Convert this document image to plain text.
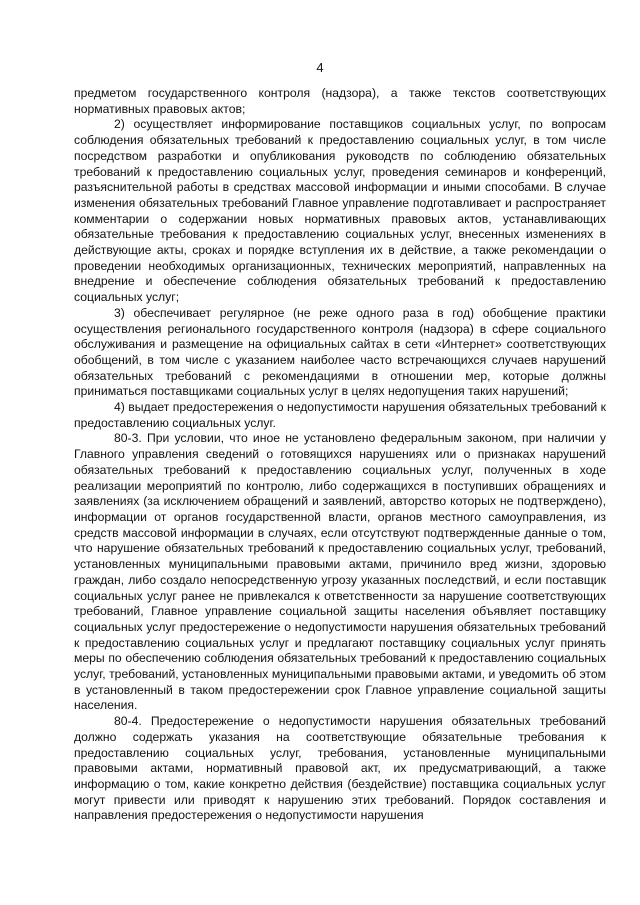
4

предметом государственного контроля (надзора), а также текстов соответствующих нормативных правовых актов;

2) осуществляет информирование поставщиков социальных услуг, по вопросам соблюдения обязательных требований к предоставлению социальных услуг, в том числе посредством разработки и опубликования руководств по соблюдению обязательных требований к предоставлению социальных услуг, проведения семинаров и конференций, разъяснительной работы в средствах массовой информации и иными способами. В случае изменения обязательных требований Главное управление подготавливает и распространяет комментарии о содержании новых нормативных правовых актов, устанавливающих обязательные требования к предоставлению социальных услуг, внесенных изменениях в действующие акты, сроках и порядке вступления их в действие, а также рекомендации о проведении необходимых организационных, технических мероприятий, направленных на внедрение и обеспечение соблюдения обязательных требований к предоставлению социальных услуг;

3) обеспечивает регулярное (не реже одного раза в год) обобщение практики осуществления регионального государственного контроля (надзора) в сфере социального обслуживания и размещение на официальных сайтах в сети «Интернет» соответствующих обобщений, в том числе с указанием наиболее часто встречающихся случаев нарушений обязательных требований с рекомендациями в отношении мер, которые должны приниматься поставщиками социальных услуг в целях недопущения таких нарушений;

4) выдает предостережения о недопустимости нарушения обязательных требований к предоставлению социальных услуг.

80-3. При условии, что иное не установлено федеральным законом, при наличии у Главного управления сведений о готовящихся нарушениях или о признаках нарушений обязательных требований к предоставлению социальных услуг, полученных в ходе реализации мероприятий по контролю, либо содержащихся в поступивших обращениях и заявлениях (за исключением обращений и заявлений, авторство которых не подтверждено), информации от органов государственной власти, органов местного самоуправления, из средств массовой информации в случаях, если отсутствуют подтвержденные данные о том, что нарушение обязательных требований к предоставлению социальных услуг, требований, установленных муниципальными правовыми актами, причинило вред жизни, здоровью граждан, либо создало непосредственную угрозу указанных последствий, и если поставщик социальных услуг ранее не привлекался к ответственности за нарушение соответствующих требований, Главное управление социальной защиты населения объявляет поставщику социальных услуг предостережение о недопустимости нарушения обязательных требований к предоставлению социальных услуг и предлагают поставщику социальных услуг принять меры по обеспечению соблюдения обязательных требований к предоставлению социальных услуг, требований, установленных муниципальными правовыми актами, и уведомить об этом в установленный в таком предостережении срок Главное управление социальной защиты населения.

80-4. Предостережение о недопустимости нарушения обязательных требований должно содержать указания на соответствующие обязательные требования к предоставлению социальных услуг, требования, установленные муниципальными правовыми актами, нормативный правовой акт, их предусматривающий, а также информацию о том, какие конкретно действия (бездействие) поставщика социальных услуг могут привести или приводят к нарушению этих требований. Порядок составления и направления предостережения о недопустимости нарушения
